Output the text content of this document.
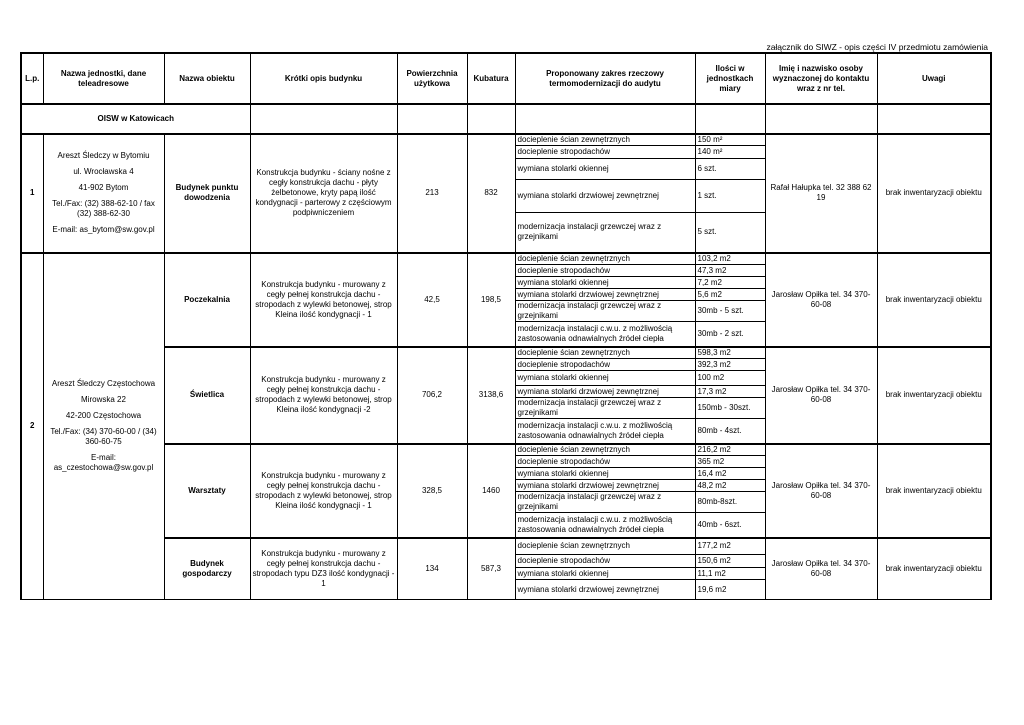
załącznik do SIWZ - opis części IV przedmiotu zamówienia
L.p.	Nazwa jednostki, dane teleadresowe	Nazwa obiektu	Krótki opis budynku	Powierzchnia użytkowa	Kubatura	Proponowany zakres rzeczowy termomodernizacji do audytu	Ilości w jednostkach miary	Imię i nazwisko osoby wyznaczonej do kontaktu wraz z nr tel.	Uwagi
OISW w Katowicach									
1	Areszt Śledczy w Bytomiu
ul. Wrocławska 4
41-902 Bytom
Tel./Fax: (32) 388-62-10 / fax (32) 388-62-30
E-mail: as_bytom@sw.gov.pl	Budynek punktu dowodzenia	Konstrukcja budynku - ściany nośne z cegły konstrukcja dachu - płyty żelbetonowe, kryty papą ilość kondygnacji - parterowy z częściowym podpiwniczeniem	213	832	docieplenie ścian zewnętrznych	150 m²	Rafał Hałupka tel. 32 388 62 19	brak inwentaryzacji obiektu
						docieplenie stropodachów	140 m²		
						wymiana stolarki okiennej	6 szt.		
						wymiana stolarki drzwiowej zewnętrznej	1 szt.		
						modernizacja instalacji grzewczej wraz z grzejnikami	5 szt.		
2	Areszt Śledczy Częstochowa
Mirowska 22
42-200 Częstochowa
Tel./Fax: (34) 370-60-00 / (34) 360-60-75
E-mail: as_czestochowa@sw.gov.pl	Poczekalnia	Konstrukcja budynku - murowany z cegły pełnej konstrukcja dachu - stropodach z wylewki betonowej, strop Kleina ilość kondygnacji - 1	42,5	198,5	docieplenie ścian zewnętrznych	103,2 m2	Jarosław Opiłka tel. 34 370-60-08	brak inwentaryzacji obiektu
						docieplenie stropodachów	47,3 m2		
						wymiana stolarki okiennej	7,2 m2		
						wymiana stolarki drzwiowej zewnętrznej	5,6 m2		
						modernizacja instalacji grzewczej wraz z grzejnikami	30mb - 5 szt.		
						modernizacja instalacji c.w.u. z możliwością zastosowania odnawialnych źródeł ciepła	30mb - 2 szt.		
		Świetlica	Konstrukcja budynku - murowany z cegły pełnej konstrukcja dachu - stropodach z wylewki betonowej, strop Kleina ilość kondygnacji -2	706,2	3138,6	docieplenie ścian zewnętrznych	598,3 m2	Jarosław Opiłka tel. 34 370-60-08	brak inwentaryzacji obiektu
						docieplenie stropodachów	392,3 m2		
						wymiana stolarki okiennej	100 m2		
						wymiana stolarki drzwiowej zewnętrznej	17,3 m2		
						modernizacja instalacji grzewczej wraz z grzejnikami	150mb - 30szt.		
						modernizacja instalacji c.w.u. z możliwością zastosowania odnawialnych źródeł ciepła	80mb - 4szt.		
		Warsztaty	Konstrukcja budynku - murowany z cegły pełnej konstrukcja dachu - stropodach z wylewki betonowej, strop Kleina ilość kondygnacji - 1	328,5	1460	docieplenie ścian zewnętrznych	216,2 m2	Jarosław Opiłka tel. 34 370-60-08	brak inwentaryzacji obiektu
						docieplenie stropodachów	365 m2		
						wymiana stolarki okiennej	16,4 m2		
						wymiana stolarki drzwiowej zewnętrznej	48,2 m2		
						modernizacja instalacji grzewczej wraz z grzejnikami	80mb-8szt.		
						modernizacja instalacji c.w.u. z możliwością zastosowania odnawialnych źródeł ciepła	40mb - 6szt.		
		Budynek gospodarczy	Konstrukcja budynku - murowany z cegły pełnej konstrukcja dachu - stropodach typu DZ3 ilość kondygnacji - 1	134	587,3	docieplenie ścian zewnętrznych	177,2 m2	Jarosław Opiłka tel. 34 370-60-08	brak inwentaryzacji obiektu
						docieplenie stropodachów	150,6 m2		
						wymiana stolarki okiennej	11,1 m2		
						wymiana stolarki drzwiowej zewnętrznej	19,6 m2		
